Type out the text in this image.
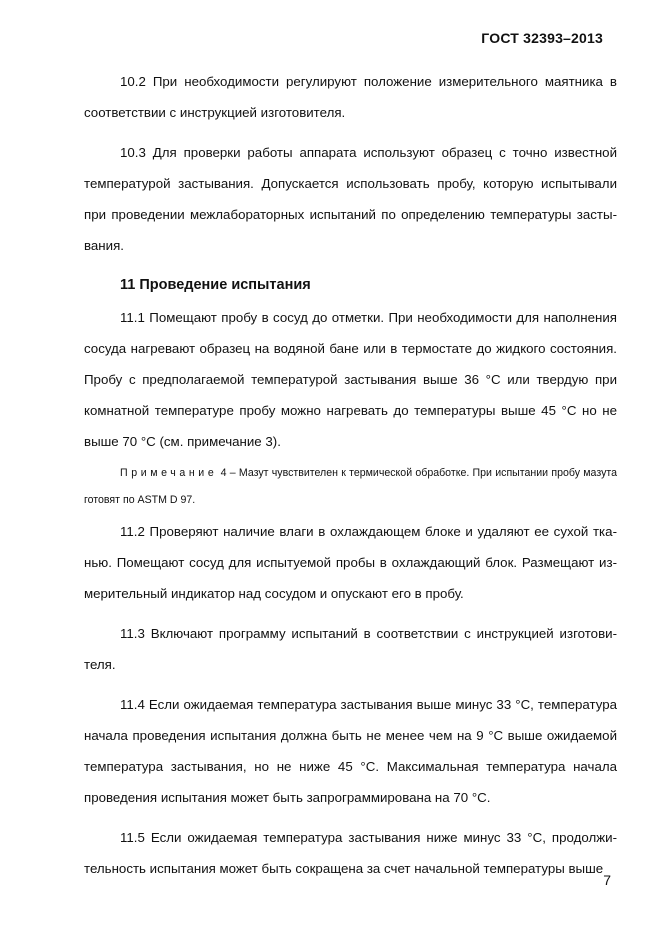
ГОСТ 32393–2013

10.2 При необходимости регулируют положение измерительного маятника в соответствии с инструкцией изготовителя.

10.3 Для проверки работы аппарата используют образец с точно известной температурой застывания. Допускается использовать пробу, которую испытывали при проведении межлабораторных испытаний по определению температуры застывания.

11 Проведение испытания

11.1 Помещают пробу в сосуд до отметки. При необходимости для наполнения сосуда нагревают образец на водяной бане или в термостате до жидкого состояния. Пробу с предполагаемой температурой застывания выше 36 °С или твердую при комнатной температуре пробу можно нагревать до температуры выше 45 °С но не выше 70 °С (см. примечание 3).

Примечание 4 – Мазут чувствителен к термической обработке. При испытании пробу мазута готовят по ASTM D 97.

11.2 Проверяют наличие влаги в охлаждающем блоке и удаляют ее сухой тканью. Помещают сосуд для испытуемой пробы в охлаждающий блок. Размещают измерительный индикатор над сосудом и опускают его в пробу.

11.3 Включают программу испытаний в соответствии с инструкцией изготовителя.

11.4 Если ожидаемая температура застывания выше минус 33 °С, температура начала проведения испытания должна быть не менее чем на 9 °С выше ожидаемой температура застывания, но не ниже 45 °С. Максимальная температура начала проведения испытания может быть запрограммирована на 70 °С.

11.5 Если ожидаемая температура застывания ниже минус 33 °С, продолжительность испытания может быть сокращена за счет начальной температуры выше

7
